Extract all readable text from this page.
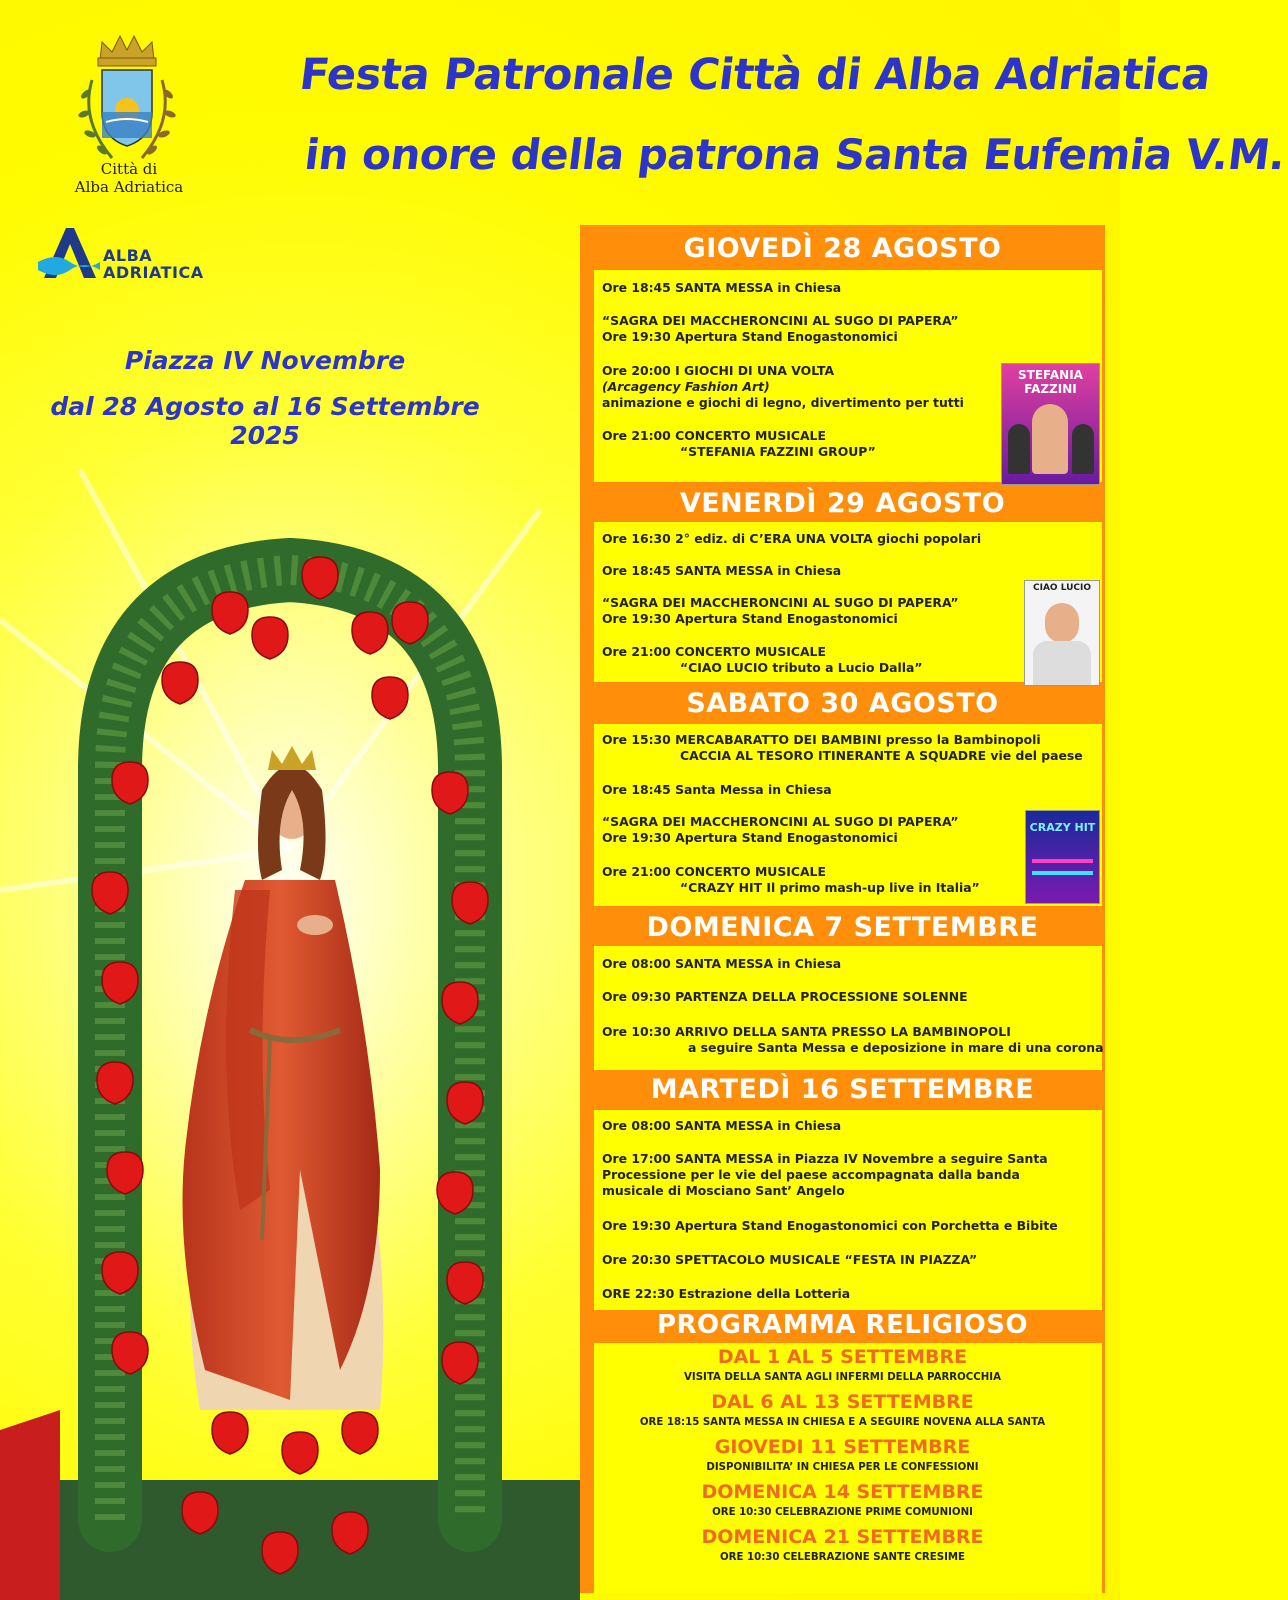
Città di
Alba Adriatica
Festa Patronale Città di Alba Adriatica
in onore della patrona Santa Eufemia V.M.
ALBA
ADRIATICA
Piazza IV Novembre
dal 28 Agosto al 16 Settembre 2025
GIOVEDÌ 28 AGOSTO
Ore 18:45 SANTA MESSA in Chiesa
“SAGRA DEI MACCHERONCINI AL SUGO DI PAPERA”
Ore 19:30 Apertura Stand Enogastonomici
Ore 20:00 I GIOCHI DI UNA VOLTA
(Arcagency Fashion Art)
animazione e giochi di legno, divertimento per tutti
Ore 21:00 CONCERTO MUSICALE
“STEFANIA FAZZINI GROUP”
VENERDÌ 29 AGOSTO
Ore 16:30 2° ediz. di C’ERA UNA VOLTA giochi popolari
Ore 18:45 SANTA MESSA in Chiesa
“SAGRA DEI MACCHERONCINI AL SUGO DI PAPERA”
Ore 19:30 Apertura Stand Enogastonomici
Ore 21:00 CONCERTO MUSICALE
“CIAO LUCIO tributo a Lucio Dalla”
SABATO 30 AGOSTO
Ore 15:30 MERCABARATTO DEI BAMBINI presso la Bambinopoli
CACCIA AL TESORO ITINERANTE A SQUADRE vie del paese
Ore 18:45 Santa Messa in Chiesa
“SAGRA DEI MACCHERONCINI AL SUGO DI PAPERA”
Ore 19:30 Apertura Stand Enogastonomici
Ore 21:00 CONCERTO MUSICALE
“CRAZY HIT Il primo mash-up live in Italia”
DOMENICA 7 SETTEMBRE
Ore 08:00 SANTA MESSA in Chiesa
Ore 09:30 PARTENZA DELLA PROCESSIONE SOLENNE
Ore 10:30 ARRIVO DELLA SANTA PRESSO LA BAMBINOPOLI
a seguire Santa Messa e deposizione in mare di una corona
MARTEDÌ 16 SETTEMBRE
Ore 08:00 SANTA MESSA in Chiesa
Ore 17:00 SANTA MESSA in Piazza IV Novembre a seguire Santa
Processione per le vie del paese accompagnata dalla banda
musicale di Mosciano Sant’ Angelo
Ore 19:30 Apertura Stand Enogastonomici con Porchetta e Bibite
Ore 20:30 SPETTACOLO MUSICALE “FESTA IN PIAZZA”
ORE 22:30 Estrazione della Lotteria
STEFANIA FAZZINI
CIAO LUCIO
CRAZY HIT
PROGRAMMA RELIGIOSO
DAL 1 AL 5 SETTEMBRE
VISITA DELLA SANTA AGLI INFERMI DELLA PARROCCHIA
DAL 6 AL 13 SETTEMBRE
ORE 18:15 SANTA MESSA IN CHIESA E A SEGUIRE NOVENA ALLA SANTA
GIOVEDI 11 SETTEMBRE
DISPONIBILITA’ IN CHIESA PER LE CONFESSIONI
DOMENICA 14 SETTEMBRE
ORE 10:30 CELEBRAZIONE PRIME COMUNIONI
DOMENICA 21 SETTEMBRE
ORE 10:30 CELEBRAZIONE SANTE CRESIME
